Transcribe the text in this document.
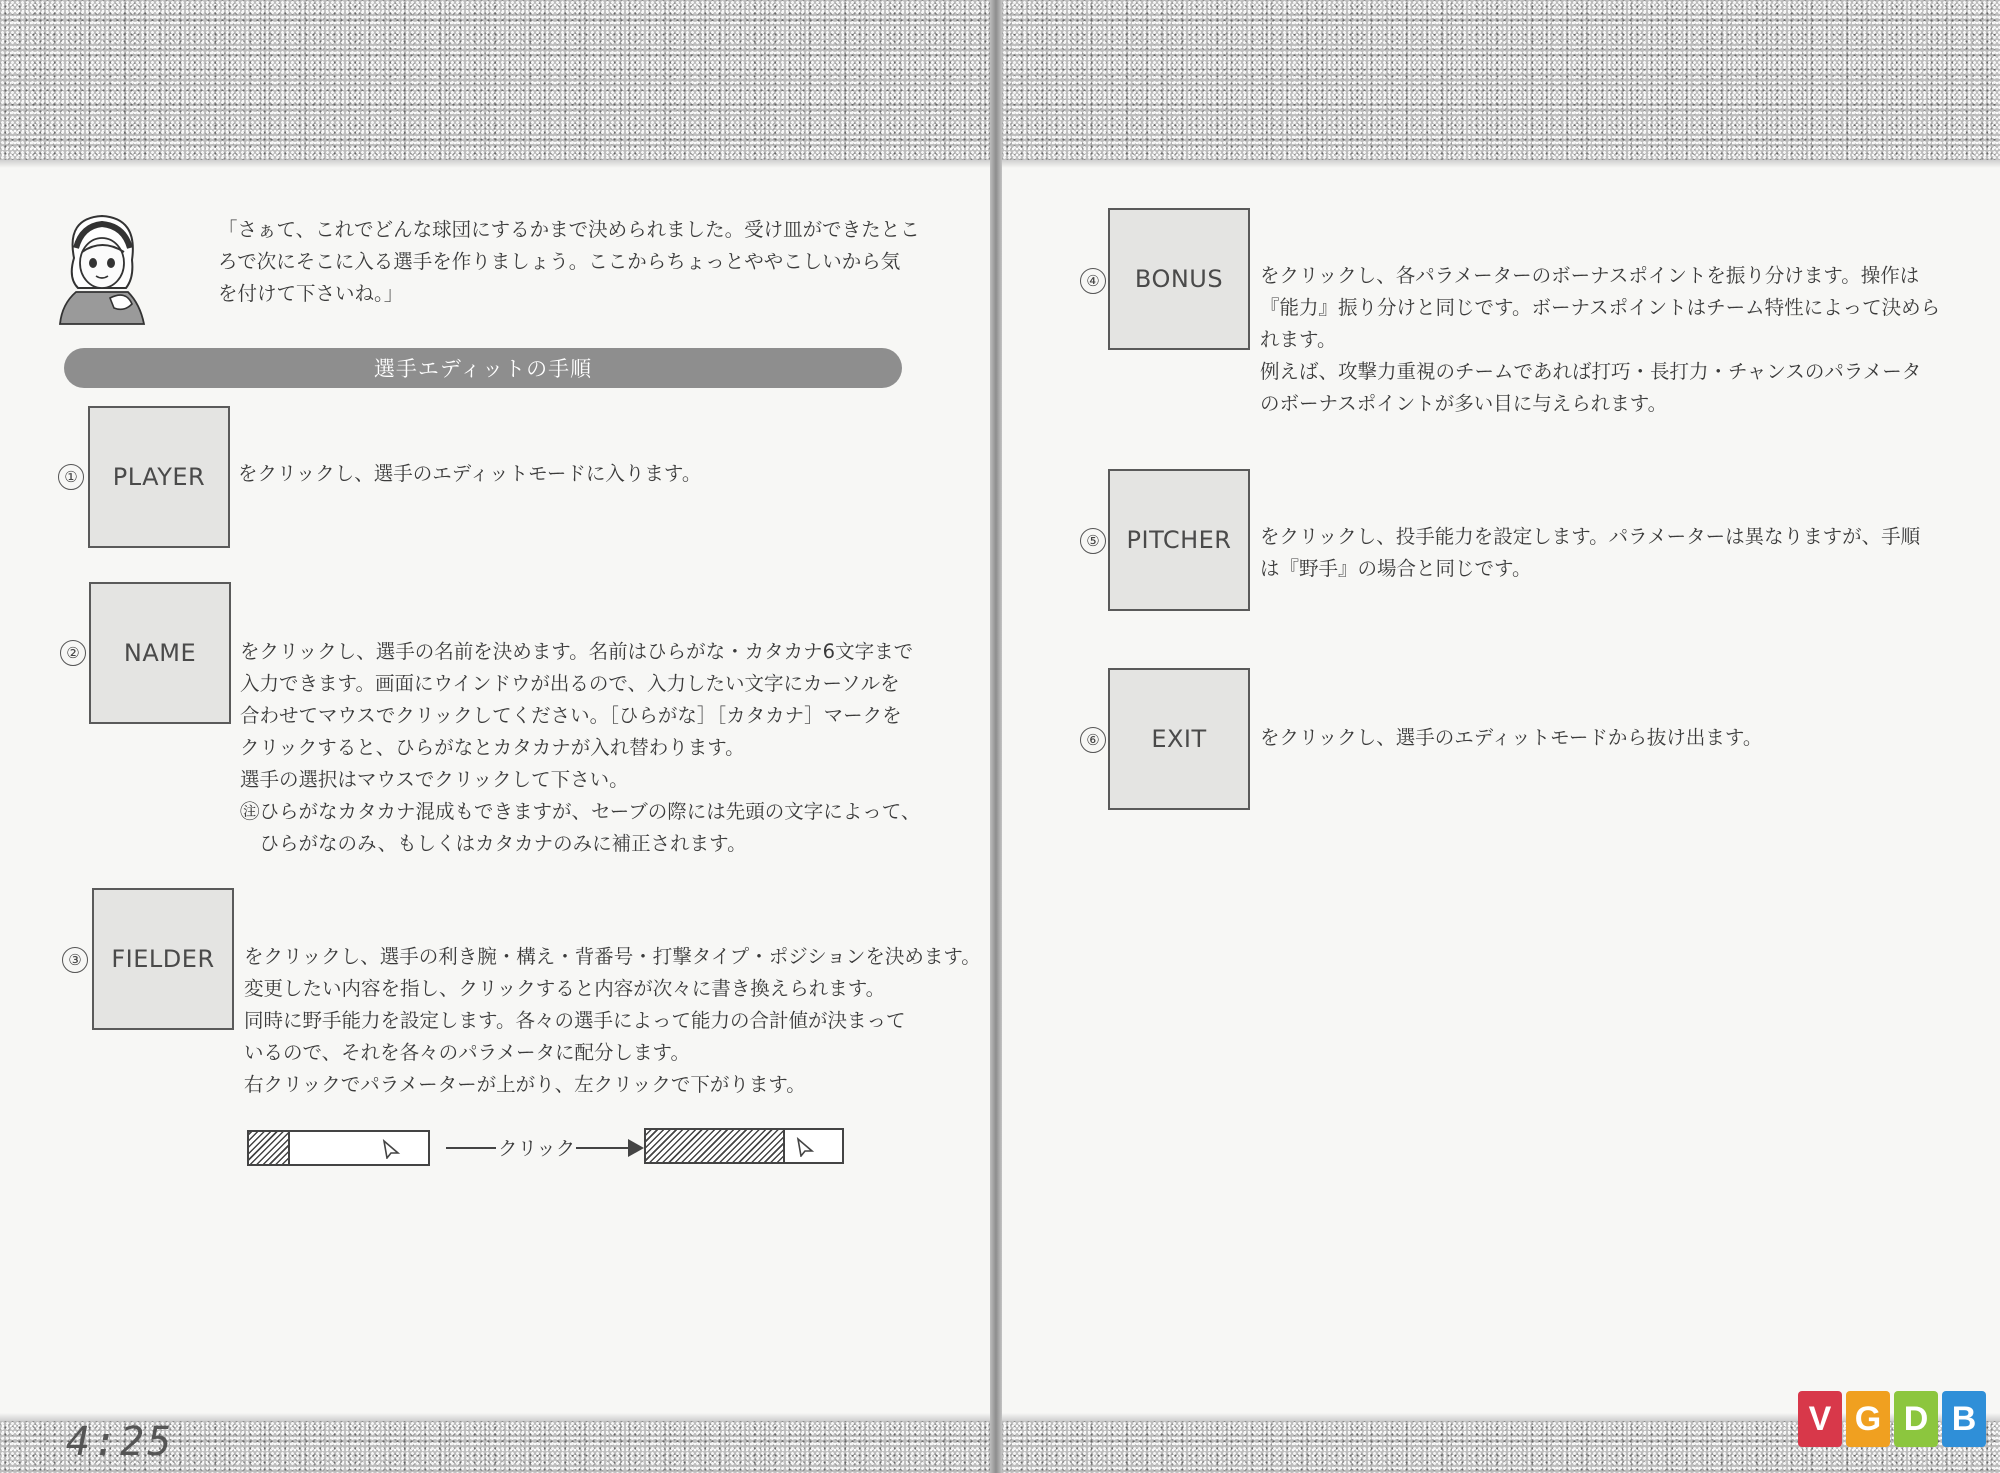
「さぁて、これでどんな球団にするかまで決められました。受け皿ができたとこ
ろで次にそこに入る選手を作りましょう。ここからちょっとややこしいから気
を付けて下さいね。」
選手エディットの手順
①	PLAYER	をクリックし、選手のエディットモードに入ります。
②	NAME	をクリックし、選手の名前を決めます。名前はひらがな・カタカナ6文字まで
入力できます。画面にウインドウが出るので、入力したい文字にカーソルを
合わせてマウスでクリックしてください。［ひらがな］［カタカナ］マークを
クリックすると、ひらがなとカタカナが入れ替わります。
選手の選択はマウスでクリックして下さい。
㊟ひらがなカタカナ混成もできますが、セーブの際には先頭の文字によって、
　ひらがなのみ、もしくはカタカナのみに補正されます。
③	FIELDER	をクリックし、選手の利き腕・構え・背番号・打撃タイプ・ポジションを決めます。
変更したい内容を指し、クリックすると内容が次々に書き換えられます。
同時に野手能力を設定します。各々の選手によって能力の合計値が決まって
いるので、それを各々のパラメータに配分します。
右クリックでパラメーターが上がり、左クリックで下がります。
クリック
4:25
④	BONUS	をクリックし、各パラメーターのボーナスポイントを振り分けます。操作は
『能力』振り分けと同じです。ボーナスポイントはチーム特性によって決めら
れます。
例えば、攻撃力重視のチームであれば打巧・長打力・チャンスのパラメータ
のボーナスポイントが多い目に与えられます。
⑤	PITCHER	をクリックし、投手能力を設定します。パラメーターは異なりますが、手順
は『野手』の場合と同じです。
⑥	EXIT	をクリックし、選手のエディットモードから抜け出ます。
V G D B
